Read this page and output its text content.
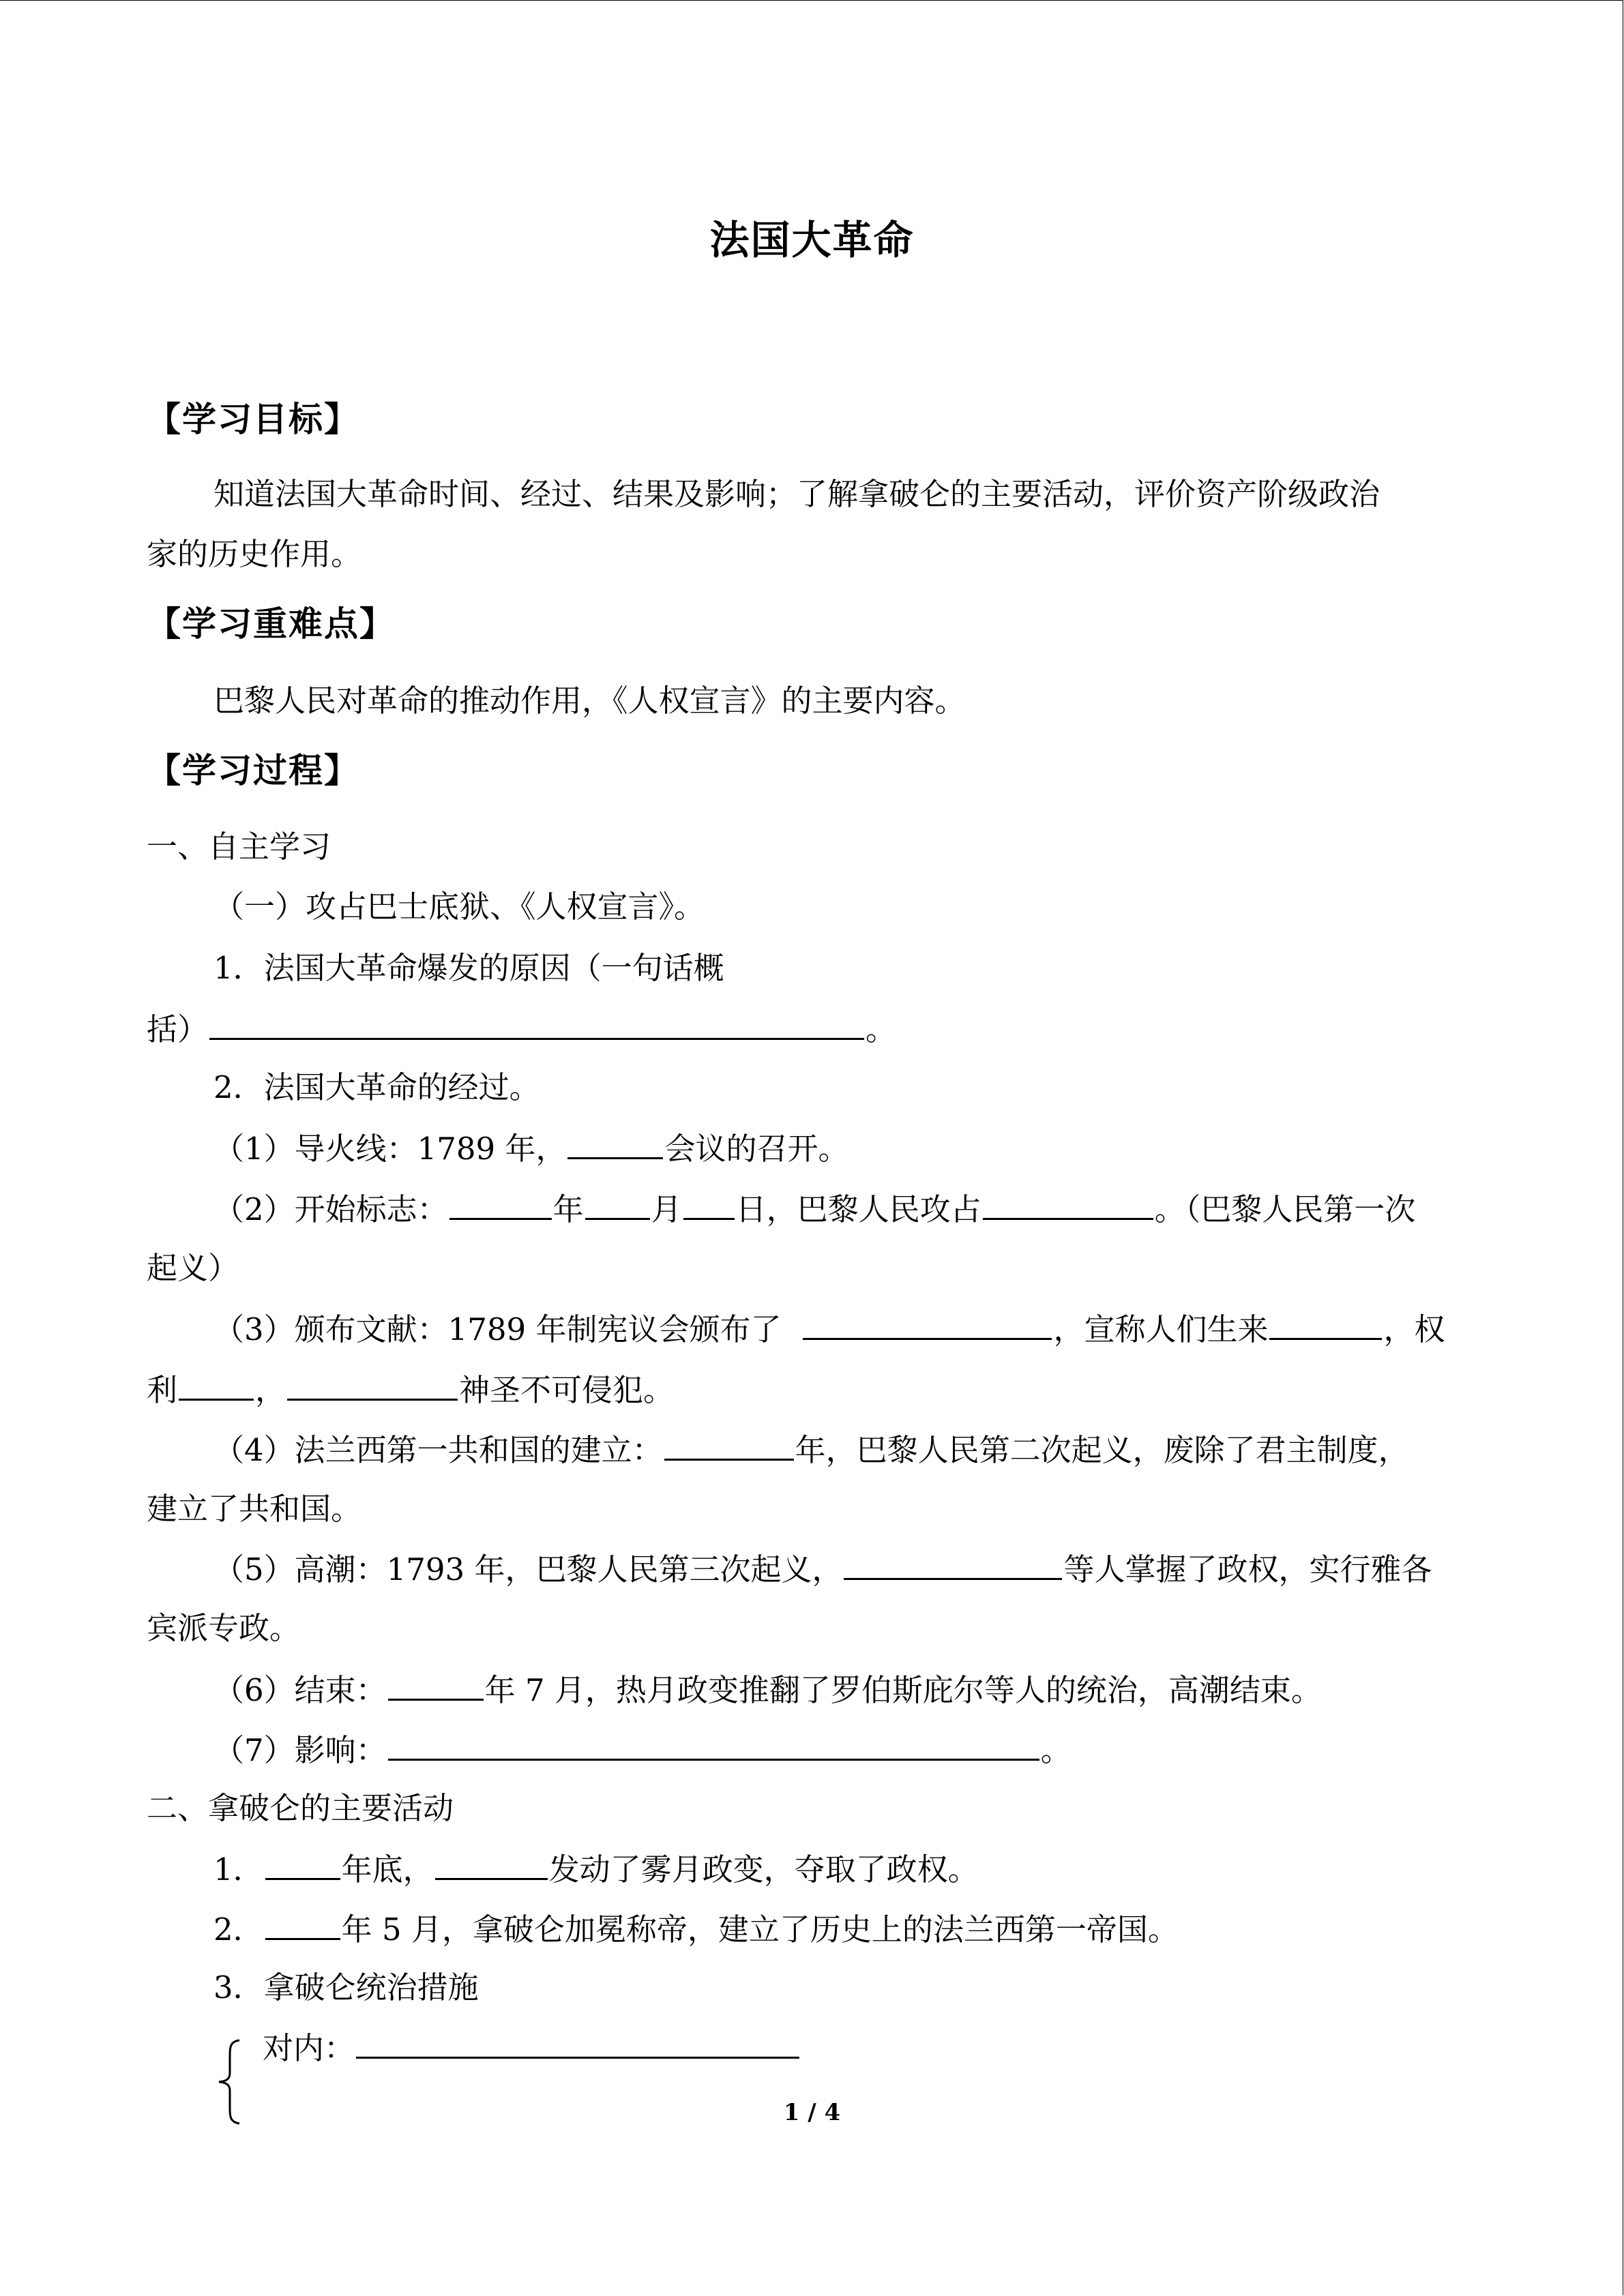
法国大革命
【学习目标】
知道法国大革命时间、经过、结果及影响；了解拿破仑的主要活动，评价资产阶级政治
家的历史作用。
【学习重难点】
巴黎人民对革命的推动作用，《人权宣言》的主要内容。
【学习过程】
一、自主学习
（一）攻占巴士底狱、《人权宣言》。
1．法国大革命爆发的原因（一句话概
括）	。
2．法国大革命的经过。
（1）导火线：1789 年，	会议的召开。
（2）开始标志：	年 月 日，巴黎人民攻占	。（巴黎人民第一次
起义）
（3）颁布文献：1789 年制宪议会颁布了	，宣称人们生来	，权
利	，	神圣不可侵犯。
（4）法兰西第一共和国的建立：	年，巴黎人民第二次起义，废除了君主制度，
建立了共和国。
（5）高潮：1793 年，巴黎人民第三次起义，	等人掌握了政权，实行雅各
宾派专政。
（6）结束：	年 7 月，热月政变推翻了罗伯斯庇尔等人的统治，高潮结束。
（7）影响：	。
二、拿破仑的主要活动
1．	年底，	发动了雾月政变，夺取了政权。
2．	年 5 月，拿破仑加冕称帝，建立了历史上的法兰西第一帝国。
3．拿破仑统治措施
对内：
1 / 4
